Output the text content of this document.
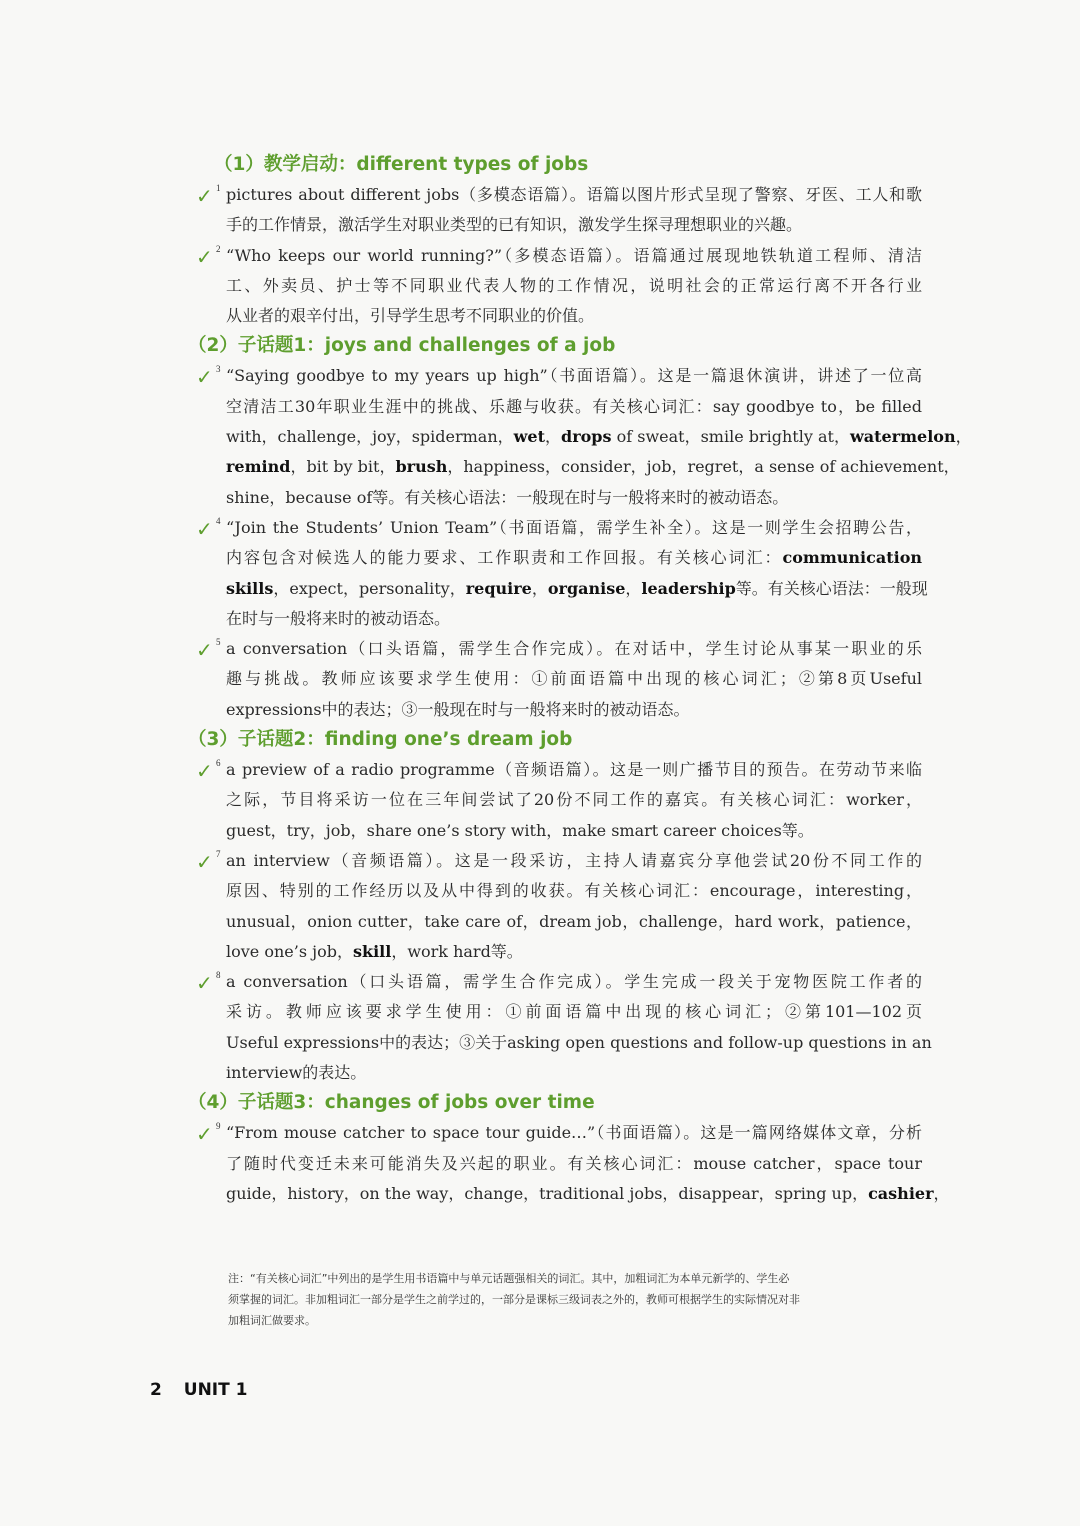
（1）教学启动：different types of jobs
✓ 1 pictures about different jobs（多模态语篇）。语篇以图片形式呈现了警察、牙医、工人和歌
手的工作情景，激活学生对职业类型的已有知识，激发学生探寻理想职业的兴趣。
✓ 2 “Who keeps our world running?”（多模态语篇）。语篇通过展现地铁轨道工程师、清洁
工、外卖员、护士等不同职业代表人物的工作情况，说明社会的正常运行离不开各行业
从业者的艰辛付出，引导学生思考不同职业的价值。
（2）子话题1：joys and challenges of a job
✓ 3 “Saying goodbye to my years up high”（书面语篇）。这是一篇退休演讲，讲述了一位高
空清洁工30年职业生涯中的挑战、乐趣与收获。有关核心词汇：say goodbye to，be filled
with，challenge，joy，spiderman，wet，drops of sweat，smile brightly at，watermelon，
remind，bit by bit，brush，happiness，consider，job，regret，a sense of achievement，
shine，because of等。有关核心语法：一般现在时与一般将来时的被动语态。
✓ 4 “Join the Students’ Union Team”（书面语篇，需学生补全）。这是一则学生会招聘公告，
内容包含对候选人的能力要求、工作职责和工作回报。有关核心词汇：communication
skills，expect，personality，require，organise，leadership等。有关核心语法：一般现
在时与一般将来时的被动语态。
✓ 5 a conversation（口头语篇，需学生合作完成）。在对话中，学生讨论从事某一职业的乐
趣与挑战。教师应该要求学生使用：①前面语篇中出现的核心词汇；②第8页Useful
expressions中的表达；③一般现在时与一般将来时的被动语态。
（3）子话题2：finding one’s dream job
✓ 6 a preview of a radio programme（音频语篇）。这是一则广播节目的预告。在劳动节来临
之际，节目将采访一位在三年间尝试了20份不同工作的嘉宾。有关核心词汇：worker，
guest，try，job，share one’s story with，make smart career choices等。
✓ 7 an interview（音频语篇）。这是一段采访，主持人请嘉宾分享他尝试20份不同工作的
原因、特别的工作经历以及从中得到的收获。有关核心词汇：encourage，interesting，
unusual，onion cutter，take care of，dream job，challenge，hard work，patience，
love one’s job，skill，work hard等。
✓ 8 a conversation（口头语篇，需学生合作完成）。学生完成一段关于宠物医院工作者的
采访。教师应该要求学生使用：①前面语篇中出现的核心词汇；②第101—102页
Useful expressions中的表达；③关于asking open questions and follow-up questions in an
interview的表达。
（4）子话题3：changes of jobs over time
✓ 9 “From mouse catcher to space tour guide…”（书面语篇）。这是一篇网络媒体文章，分析
了随时代变迁未来可能消失及兴起的职业。有关核心词汇：mouse catcher，space tour
guide，history，on the way，change，traditional jobs，disappear，spring up，cashier，
注：“有关核心词汇”中列出的是学生用书语篇中与单元话题强相关的词汇。其中，加粗词汇为本单元新学的、学生必
须掌握的词汇。非加粗词汇一部分是学生之前学过的，一部分是课标三级词表之外的，教师可根据学生的实际情况对非
加粗词汇做要求。
2 UNIT 1
